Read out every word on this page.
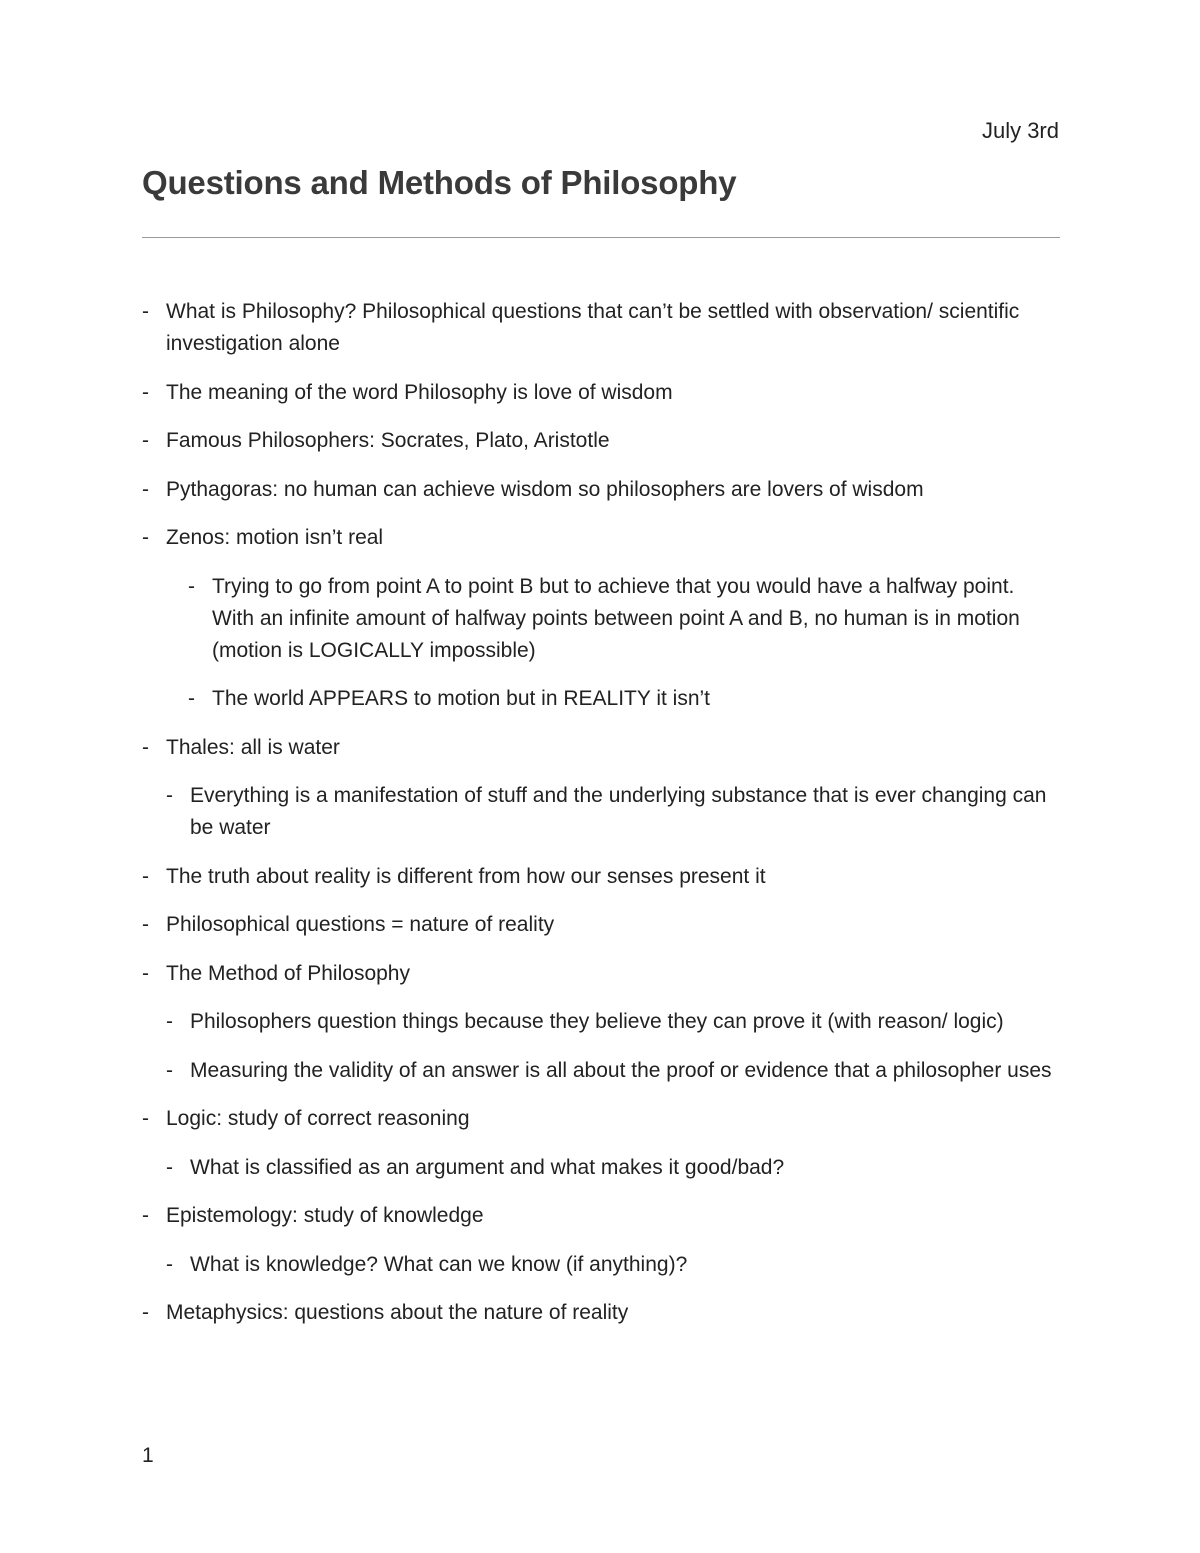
July 3rd
Questions and Methods of Philosophy
- What is Philosophy? Philosophical questions that can’t be settled with observation/ scientific investigation alone
- The meaning of the word Philosophy is love of wisdom
- Famous Philosophers: Socrates, Plato, Aristotle
- Pythagoras: no human can achieve wisdom so philosophers are lovers of wisdom
- Zenos: motion isn’t real
- Trying to go from point A to point B but to achieve that you would have a halfway point. With an infinite amount of halfway points between point A and B, no human is in motion (motion is LOGICALLY impossible)
- The world APPEARS to motion but in REALITY it isn’t
- Thales: all is water
- Everything is a manifestation of stuff and the underlying substance that is ever changing can be water
- The truth about reality is different from how our senses present it
- Philosophical questions = nature of reality
- The Method of Philosophy
- Philosophers question things because they believe they can prove it (with reason/ logic)
- Measuring the validity of an answer is all about the proof or evidence that a philosopher uses
- Logic: study of correct reasoning
- What is classified as an argument and what makes it good/bad?
- Epistemology: study of knowledge
- What is knowledge? What can we know (if anything)?
- Metaphysics: questions about the nature of reality
1
